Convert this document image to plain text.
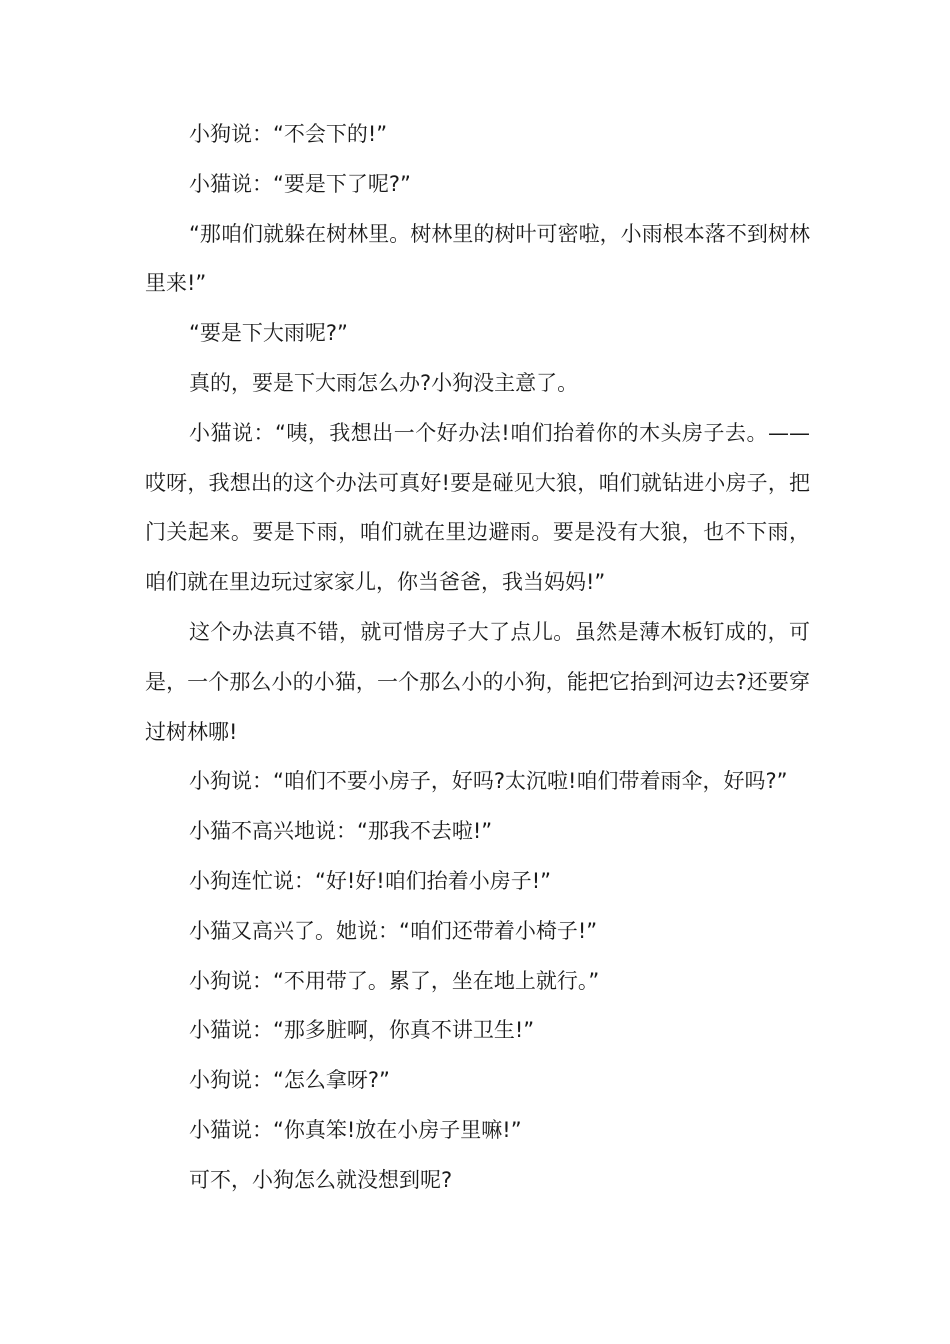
小狗说：“不会下的!”

小猫说：“要是下了呢?”

“那咱们就躲在树林里。树林里的树叶可密啦，小雨根本落不到树林里来!”

“要是下大雨呢?”

真的，要是下大雨怎么办?小狗没主意了。

小猫说：“咦，我想出一个好办法!咱们抬着你的木头房子去。——哎呀，我想出的这个办法可真好!要是碰见大狼，咱们就钻进小房子，把门关起来。要是下雨，咱们就在里边避雨。要是没有大狼，也不下雨，咱们就在里边玩过家家儿，你当爸爸，我当妈妈!”

这个办法真不错，就可惜房子大了点儿。虽然是薄木板钉成的，可是，一个那么小的小猫，一个那么小的小狗，能把它抬到河边去?还要穿过树林哪!

小狗说：“咱们不要小房子，好吗?太沉啦!咱们带着雨伞，好吗?”

小猫不高兴地说：“那我不去啦!”

小狗连忙说：“好!好!咱们抬着小房子!”

小猫又高兴了。她说：“咱们还带着小椅子!”

小狗说：“不用带了。累了，坐在地上就行。”

小猫说：“那多脏啊，你真不讲卫生!”

小狗说：“怎么拿呀?”

小猫说：“你真笨!放在小房子里嘛!”

可不，小狗怎么就没想到呢?
